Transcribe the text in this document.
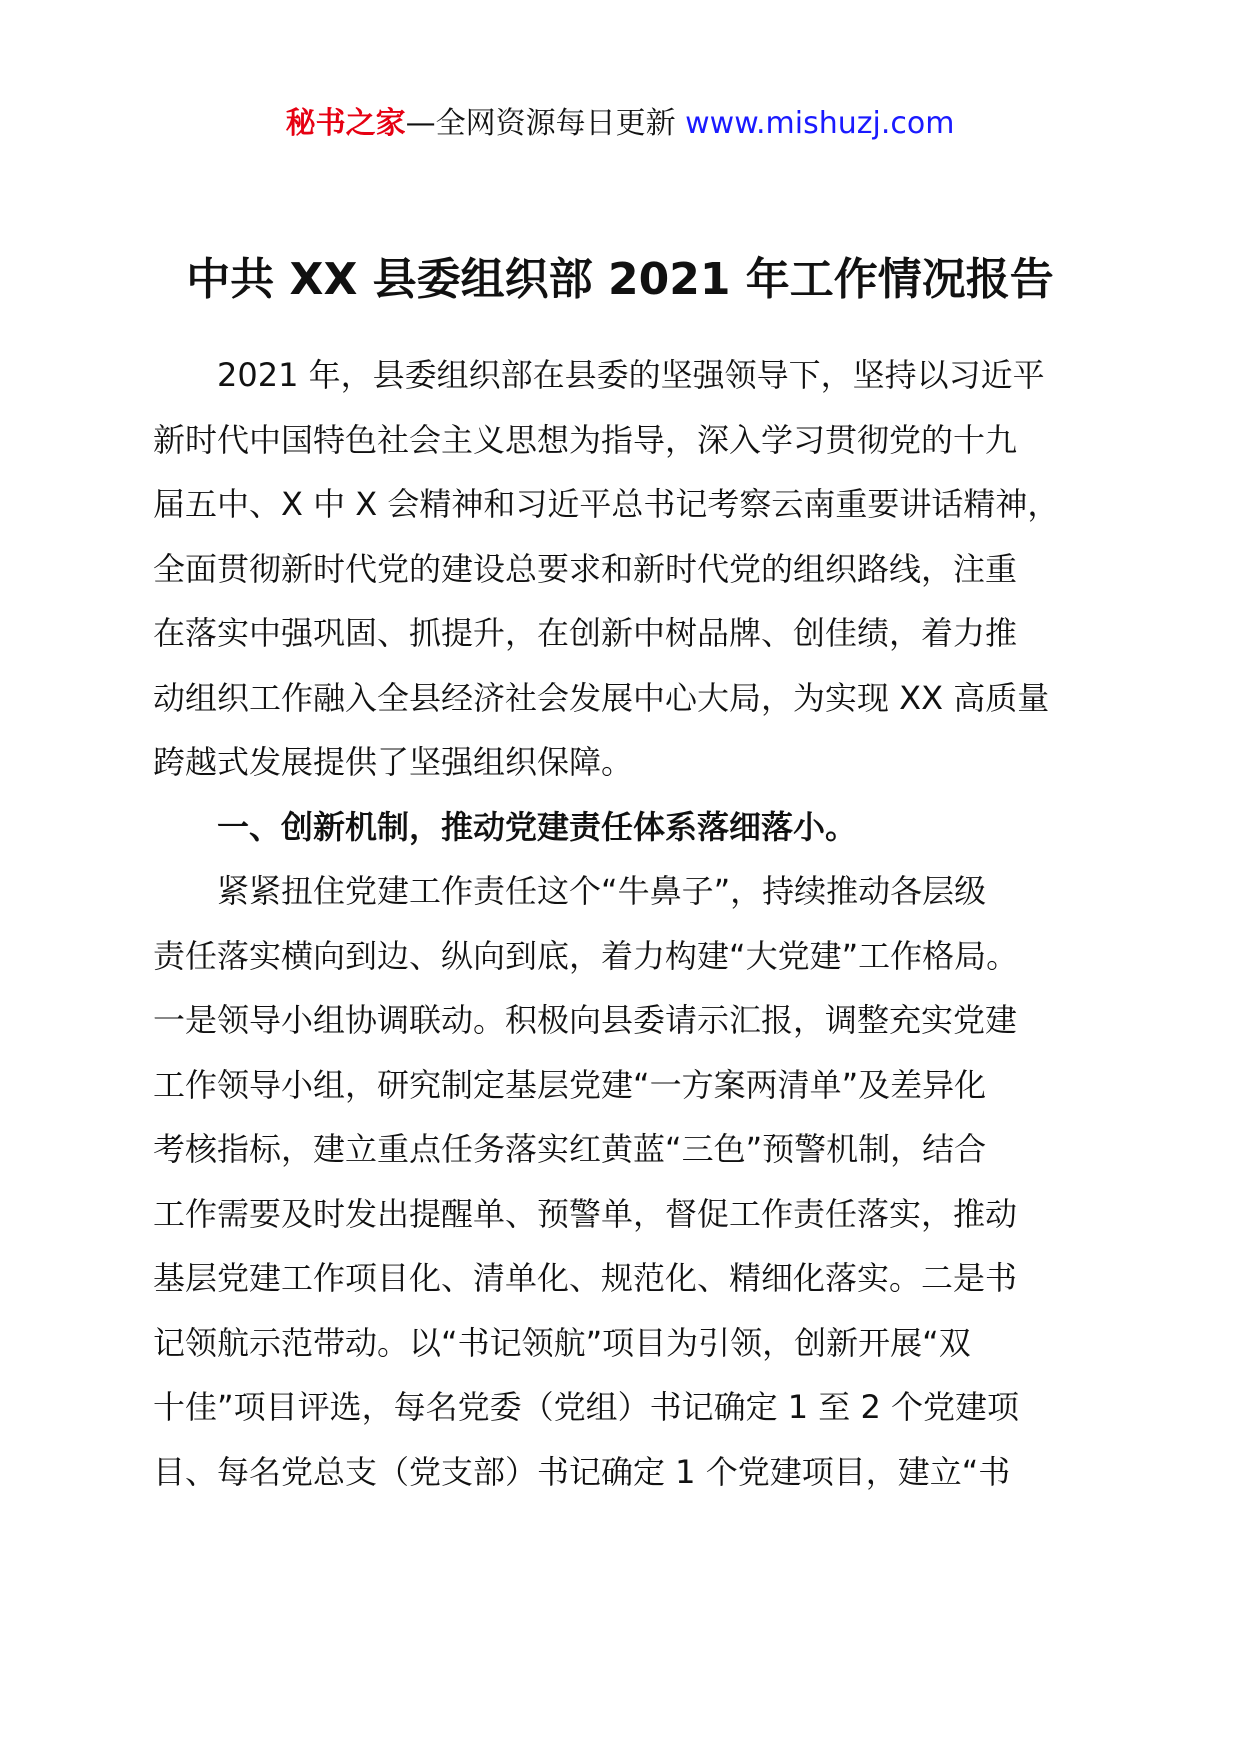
秘书之家—全网资源每日更新 www.mishuzj.com
中共 XX 县委组织部 2021 年工作情况报告
2021 年，县委组织部在县委的坚强领导下，坚持以习近平
新时代中国特色社会主义思想为指导，深入学习贯彻党的十九
届五中、X 中 X 会精神和习近平总书记考察云南重要讲话精神，
全面贯彻新时代党的建设总要求和新时代党的组织路线，注重
在落实中强巩固、抓提升，在创新中树品牌、创佳绩，着力推
动组织工作融入全县经济社会发展中心大局，为实现 XX 高质量
跨越式发展提供了坚强组织保障。
一、创新机制，推动党建责任体系落细落小。
紧紧扭住党建工作责任这个“牛鼻子”，持续推动各层级
责任落实横向到边、纵向到底，着力构建“大党建”工作格局。
一是领导小组协调联动。积极向县委请示汇报，调整充实党建
工作领导小组，研究制定基层党建“一方案两清单”及差异化
考核指标，建立重点任务落实红黄蓝“三色”预警机制，结合
工作需要及时发出提醒单、预警单，督促工作责任落实，推动
基层党建工作项目化、清单化、规范化、精细化落实。二是书
记领航示范带动。以“书记领航”项目为引领，创新开展“双
十佳”项目评选，每名党委（党组）书记确定 1 至 2 个党建项
目、每名党总支（党支部）书记确定 1 个党建项目，建立“书
